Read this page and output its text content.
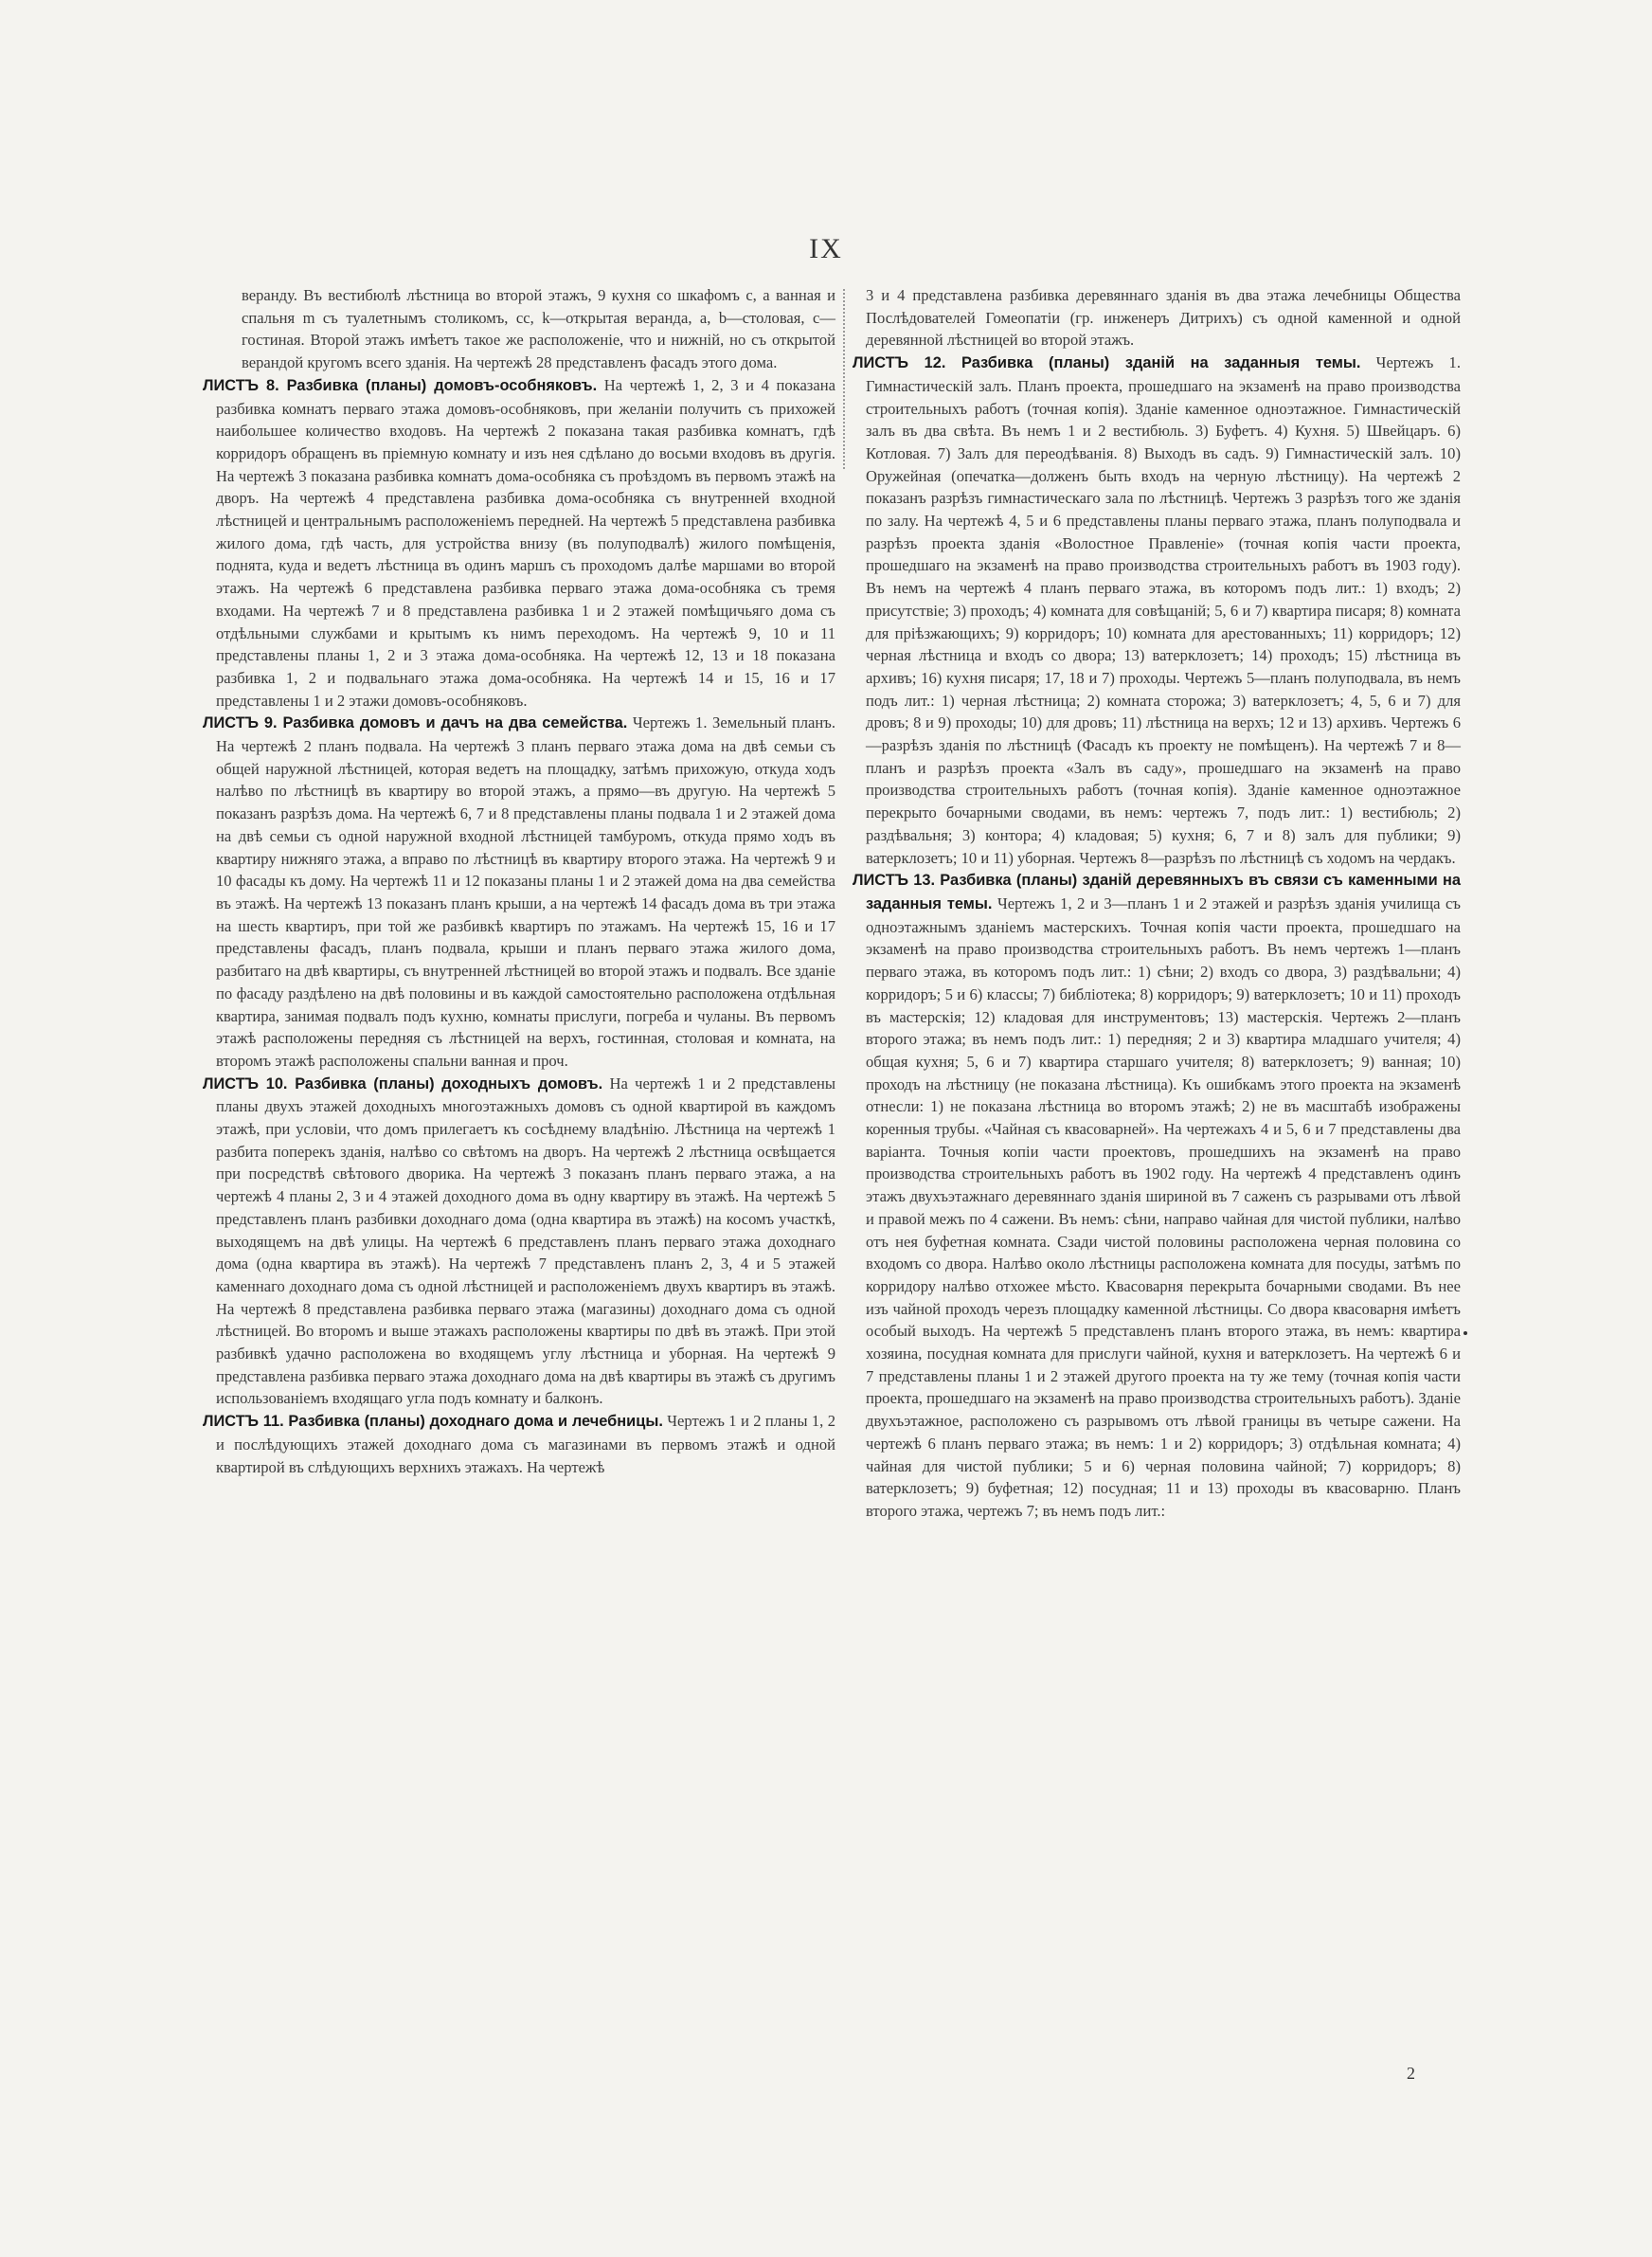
IX

веранду. Въ вестибюлѣ лѣстница во второй этажъ, 9 кухня со шкафомъ c, a ванная и спальня m съ туалетнымъ столикомъ, cc, k—открытая веранда, a, b—столовая, c—гостиная. Второй этажъ имѣетъ такое же расположеніе, что и нижній, но съ открытой верандой кругомъ всего зданія. На чертежѣ 28 представленъ фасадъ этого дома.

ЛИСТЪ 8. Разбивка (планы) домовъ-особняковъ. На чертежѣ 1, 2, 3 и 4 показана разбивка комнатъ перваго этажа домовъ-особняковъ, при желаніи получить съ прихожей наибольшее количество входовъ. На чертежѣ 2 показана такая разбивка комнатъ, гдѣ корридоръ обращенъ въ пріемную комнату и изъ нея сдѣлано до восьми входовъ въ другія. На чертежѣ 3 показана разбивка комнатъ дома-особняка съ проѣздомъ въ первомъ этажѣ на дворъ. На чертежѣ 4 представлена разбивка дома-особняка съ внутренней входной лѣстницей и центральнымъ расположеніемъ передней. На чертежѣ 5 представлена разбивка жилого дома, гдѣ часть, для устройства внизу (въ полуподвалѣ) жилого помѣщенія, поднята, куда и ведетъ лѣстница въ одинъ маршъ съ проходомъ далѣе маршами во второй этажъ. На чертежѣ 6 представлена разбивка перваго этажа дома-особняка съ тремя входами. На чертежѣ 7 и 8 представлена разбивка 1 и 2 этажей помѣщичьяго дома съ отдѣльными службами и крытымъ къ нимъ переходомъ. На чертежѣ 9, 10 и 11 представлены планы 1, 2 и 3 этажа дома-особняка. На чертежѣ 12, 13 и 18 показана разбивка 1, 2 и подвальнаго этажа дома-особняка. На чертежѣ 14 и 15, 16 и 17 представлены 1 и 2 этажи домовъ-особняковъ.

ЛИСТЪ 9. Разбивка домовъ и дачъ на два семейства. Чертежъ 1. Земельный планъ. На чертежѣ 2 планъ подвала. На чертежѣ 3 планъ перваго этажа дома на двѣ семьи съ общей наружной лѣстницей, которая ведетъ на площадку, затѣмъ прихожую, откуда ходъ налѣво по лѣстницѣ въ квартиру во второй этажъ, а прямо—въ другую. На чертежѣ 5 показанъ разрѣзъ дома. На чертежѣ 6, 7 и 8 представлены планы подвала 1 и 2 этажей дома на двѣ семьи съ одной наружной входной лѣстницей тамбуромъ, откуда прямо ходъ въ квартиру нижняго этажа, а вправо по лѣстницѣ въ квартиру второго этажа. На чертежѣ 9 и 10 фасады къ дому. На чертежѣ 11 и 12 показаны планы 1 и 2 этажей дома на два семейства въ этажѣ. На чертежѣ 13 показанъ планъ крыши, а на чертежѣ 14 фасадъ дома въ три этажа на шесть квартиръ, при той же разбивкѣ квартиръ по этажамъ. На чертежѣ 15, 16 и 17 представлены фасадъ, планъ подвала, крыши и планъ перваго этажа жилого дома, разбитаго на двѣ квартиры, съ внутренней лѣстницей во второй этажъ и подвалъ. Все зданіе по фасаду раздѣлено на двѣ половины и въ каждой самостоятельно расположена отдѣльная квартира, занимая подвалъ подъ кухню, комнаты прислуги, погреба и чуланы. Въ первомъ этажѣ расположены передняя съ лѣстницей на верхъ, гостинная, столовая и комната, на второмъ этажѣ расположены спальни ванная и проч.

ЛИСТЪ 10. Разбивка (планы) доходныхъ домовъ. На чертежѣ 1 и 2 представлены планы двухъ этажей доходныхъ многоэтажныхъ домовъ съ одной квартирой въ каждомъ этажѣ, при условіи, что домъ прилегаетъ къ сосѣднему владѣнію. Лѣстница на чертежѣ 1 разбита поперекъ зданія, налѣво со свѣтомъ на дворъ. На чертежѣ 2 лѣстница освѣщается при посредствѣ свѣтового дворика. На чертежѣ 3 показанъ планъ перваго этажа, а на чертежѣ 4 планы 2, 3 и 4 этажей доходного дома въ одну квартиру въ этажѣ. На чертежѣ 5 представленъ планъ разбивки доходнаго дома (одна квартира въ этажѣ) на косомъ участкѣ, выходящемъ на двѣ улицы. На чертежѣ 6 представленъ планъ перваго этажа доходнаго дома (одна квартира въ этажѣ). На чертежѣ 7 представленъ планъ 2, 3, 4 и 5 этажей каменнаго доходнаго дома съ одной лѣстницей и расположеніемъ двухъ квартиръ въ этажѣ. На чертежѣ 8 представлена разбивка перваго этажа (магазины) доходнаго дома съ одной лѣстницей. Во второмъ и выше этажахъ расположены квартиры по двѣ въ этажѣ. При этой разбивкѣ удачно расположена во входящемъ углу лѣстница и уборная. На чертежѣ 9 представлена разбивка перваго этажа доходнаго дома на двѣ квартиры въ этажѣ съ другимъ использованіемъ входящаго угла подъ комнату и балконъ.

ЛИСТЪ 11. Разбивка (планы) доходнаго дома и лечебницы. Чертежъ 1 и 2 планы 1, 2 и послѣдующихъ этажей доходнаго дома съ магазинами въ первомъ этажѣ и одной квартирой въ слѣдующихъ верхнихъ этажахъ. На чертежѣ

3 и 4 представлена разбивка деревяннаго зданія въ два этажа лечебницы Общества Послѣдователей Гомеопатіи (гр. инженеръ Дитрихъ) съ одной каменной и одной деревянной лѣстницей во второй этажъ.

ЛИСТЪ 12. Разбивка (планы) зданій на заданныя темы. Чертежъ 1. Гимнастическій залъ. Планъ проекта, прошедшаго на экзаменѣ на право производства строительныхъ работъ (точная копія). Зданіе каменное одноэтажное. Гимнастическій залъ въ два свѣта. Въ немъ 1 и 2 вестибюль. 3) Буфетъ. 4) Кухня. 5) Швейцаръ. 6) Котловая. 7) Залъ для переодѣванія. 8) Выходъ въ садъ. 9) Гимнастическій залъ. 10) Оружейная (опечатка—долженъ быть входъ на черную лѣстницу). На чертежѣ 2 показанъ разрѣзъ гимнастическаго зала по лѣстницѣ. Чертежъ 3 разрѣзъ того же зданія по залу. На чертежѣ 4, 5 и 6 представлены планы перваго этажа, планъ полуподвала и разрѣзъ проекта зданія «Волостное Правленіе» (точная копія части проекта, прошедшаго на экзаменѣ на право производства строительныхъ работъ въ 1903 году). Въ немъ на чертежѣ 4 планъ перваго этажа, въ которомъ подъ лит.: 1) входъ; 2) присутствіе; 3) проходъ; 4) комната для совѣщаній; 5, 6 и 7) квартира писаря; 8) комната для пріѣзжающихъ; 9) корридоръ; 10) комната для арестованныхъ; 11) корридоръ; 12) черная лѣстница и входъ со двора; 13) ватерклозетъ; 14) проходъ; 15) лѣстница въ архивъ; 16) кухня писаря; 17, 18 и 7) проходы. Чертежъ 5—планъ полуподвала, въ немъ подъ лит.: 1) черная лѣстница; 2) комната сторожа; 3) ватерклозетъ; 4, 5, 6 и 7) для дровъ; 8 и 9) проходы; 10) для дровъ; 11) лѣстница на верхъ; 12 и 13) архивъ. Чертежъ 6—разрѣзъ зданія по лѣстницѣ (Фасадъ къ проекту не помѣщенъ). На чертежѣ 7 и 8—планъ и разрѣзъ проекта «Залъ въ саду», прошедшаго на экзаменѣ на право производства строительныхъ работъ (точная копія). Зданіе каменное одноэтажное перекрыто бочарными сводами, въ немъ: чертежъ 7, подъ лит.: 1) вестибюль; 2) раздѣвальня; 3) контора; 4) кладовая; 5) кухня; 6, 7 и 8) залъ для публики; 9) ватерклозетъ; 10 и 11) уборная. Чертежъ 8—разрѣзъ по лѣстницѣ съ ходомъ на чердакъ.

ЛИСТЪ 13. Разбивка (планы) зданій деревянныхъ въ связи съ каменными на заданныя темы. Чертежъ 1, 2 и 3—планъ 1 и 2 этажей и разрѣзъ зданія училища съ одноэтажнымъ зданіемъ мастерскихъ. Точная копія части проекта, прошедшаго на экзаменѣ на право производства строительныхъ работъ. Въ немъ чертежъ 1—планъ перваго этажа, въ которомъ подъ лит.: 1) сѣни; 2) входъ со двора, 3) раздѣвальни; 4) корридоръ; 5 и 6) классы; 7) библіотека; 8) корридоръ; 9) ватерклозетъ; 10 и 11) проходъ въ мастерскія; 12) кладовая для инструментовъ; 13) мастерскія. Чертежъ 2—планъ второго этажа; въ немъ подъ лит.: 1) передняя; 2 и 3) квартира младшаго учителя; 4) общая кухня; 5, 6 и 7) квартира старшаго учителя; 8) ватерклозетъ; 9) ванная; 10) проходъ на лѣстницу (не показана лѣстница). Къ ошибкамъ этого проекта на экзаменѣ отнесли: 1) не показана лѣстница во второмъ этажѣ; 2) не въ масштабѣ изображены коренныя трубы. «Чайная съ квасоварней». На чертежахъ 4 и 5, 6 и 7 представлены два варіанта. Точныя копіи части проектовъ, прошедшихъ на экзаменѣ на право производства строительныхъ работъ въ 1902 году. На чертежѣ 4 представленъ одинъ этажъ двухъэтажнаго деревяннаго зданія шириной въ 7 саженъ съ разрывами отъ лѣвой и правой межъ по 4 сажени. Въ немъ: сѣни, направо чайная для чистой публики, налѣво отъ нея буфетная комната. Сзади чистой половины расположена черная половина со входомъ со двора. Налѣво около лѣстницы расположена комната для посуды, затѣмъ по корридору налѣво отхожее мѣсто. Квасоварня перекрыта бочарными сводами. Въ нее изъ чайной проходъ черезъ площадку каменной лѣстницы. Со двора квасоварня имѣетъ особый выходъ. На чертежѣ 5 представленъ планъ второго этажа, въ немъ: квартира хозяина, посудная комната для прислуги чайной, кухня и ватерклозетъ. На чертежѣ 6 и 7 представлены планы 1 и 2 этажей другого проекта на ту же тему (точная копія части проекта, прошедшаго на экзаменѣ на право производства строительныхъ работъ). Зданіе двухъэтажное, расположено съ разрывомъ отъ лѣвой границы въ четыре сажени. На чертежѣ 6 планъ перваго этажа; въ немъ: 1 и 2) корридоръ; 3) отдѣльная комната; 4) чайная для чистой публики; 5 и 6) черная половина чайной; 7) корридоръ; 8) ватерклозетъ; 9) буфетная; 12) посудная; 11 и 13) проходы въ квасоварню. Планъ второго этажа, чертежъ 7; въ немъ подъ лит.:

2
